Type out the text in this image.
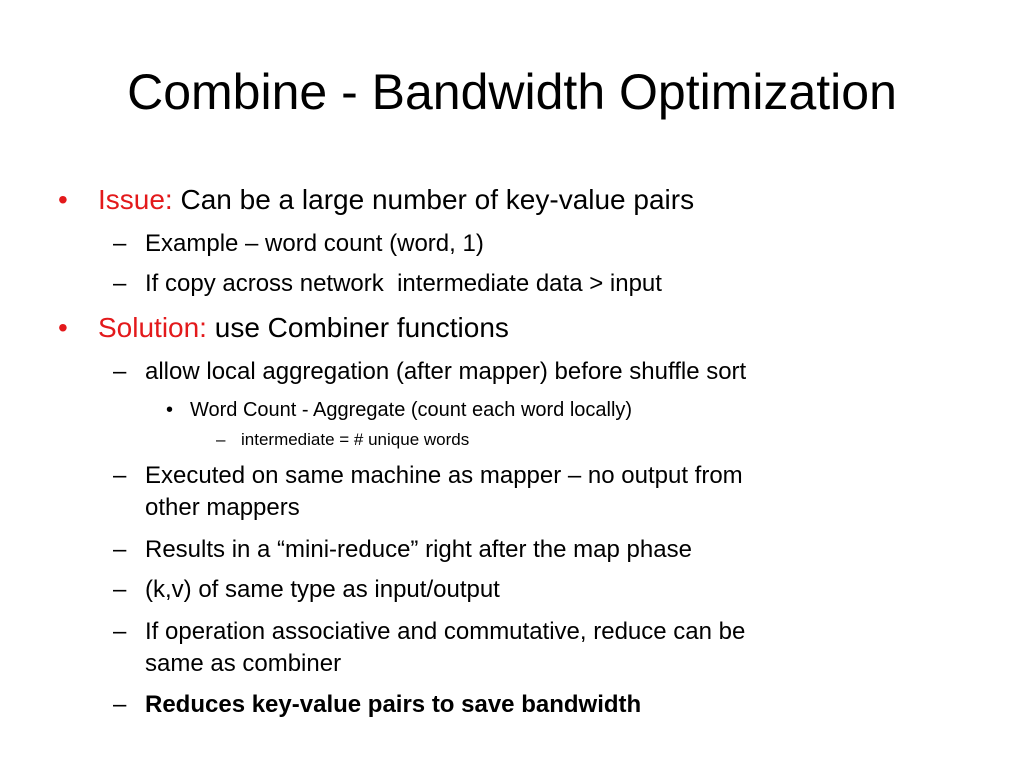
Combine - Bandwidth Optimization
• Issue: Can be a large number of key-value pairs
– Example – word count (word, 1)
– If copy across network  intermediate data > input
• Solution: use Combiner functions
– allow local aggregation (after mapper) before shuffle sort
• Word Count - Aggregate (count each word locally)
– intermediate = # unique words
– Executed on same machine as mapper – no output from
other mappers
– Results in a “mini-reduce” right after the map phase
– (k,v) of same type as input/output
– If operation associative and commutative, reduce can be
same as combiner
– Reduces key-value pairs to save bandwidth
